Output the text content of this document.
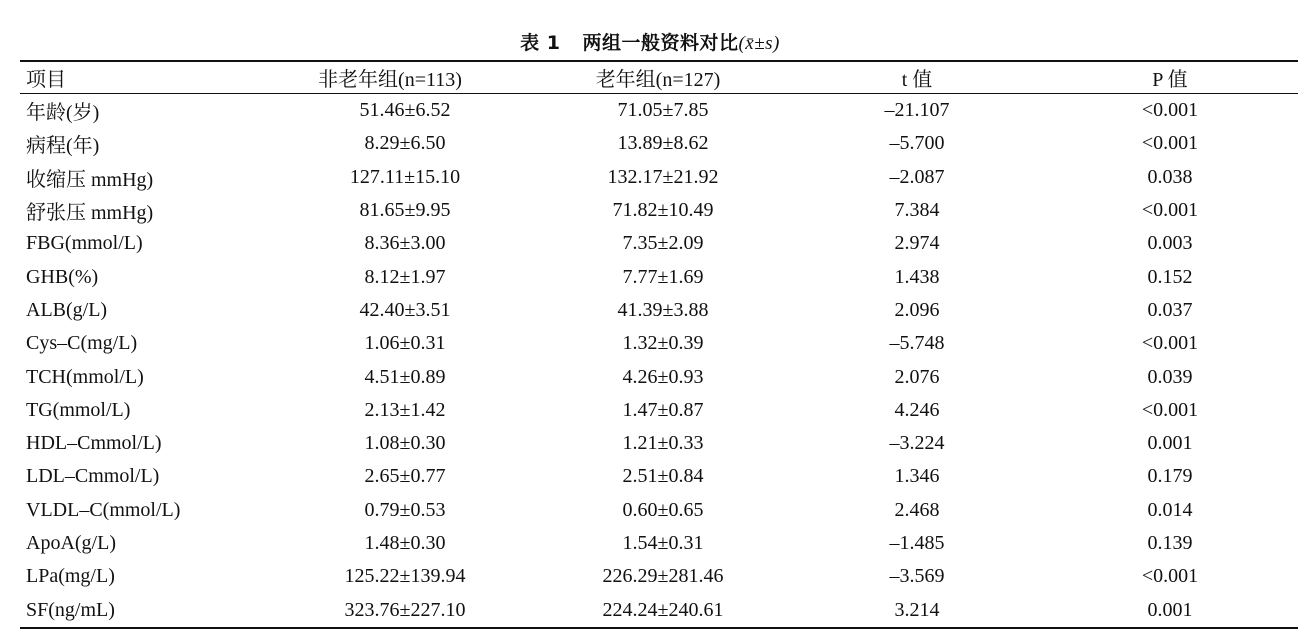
表 1 两组一般资料对比(x̄±s)
项目	非老年组(n=113)	老年组(n=127)	t 值	P 值
年龄(岁)	51.46±6.52	71.05±7.85	–21.107	<0.001
病程(年)	8.29±6.50	13.89±8.62	–5.700	<0.001
收缩压 mmHg)	127.11±15.10	132.17±21.92	–2.087	0.038
舒张压 mmHg)	81.65±9.95	71.82±10.49	7.384	<0.001
FBG(mmol/L)	8.36±3.00	7.35±2.09	2.974	0.003
GHB(%)	8.12±1.97	7.77±1.69	1.438	0.152
ALB(g/L)	42.40±3.51	41.39±3.88	2.096	0.037
Cys–C(mg/L)	1.06±0.31	1.32±0.39	–5.748	<0.001
TCH(mmol/L)	4.51±0.89	4.26±0.93	2.076	0.039
TG(mmol/L)	2.13±1.42	1.47±0.87	4.246	<0.001
HDL–Cmmol/L)	1.08±0.30	1.21±0.33	–3.224	0.001
LDL–Cmmol/L)	2.65±0.77	2.51±0.84	1.346	0.179
VLDL–C(mmol/L)	0.79±0.53	0.60±0.65	2.468	0.014
ApoA(g/L)	1.48±0.30	1.54±0.31	–1.485	0.139
LPa(mg/L)	125.22±139.94	226.29±281.46	–3.569	<0.001
SF(ng/mL)	323.76±227.10	224.24±240.61	3.214	0.001
